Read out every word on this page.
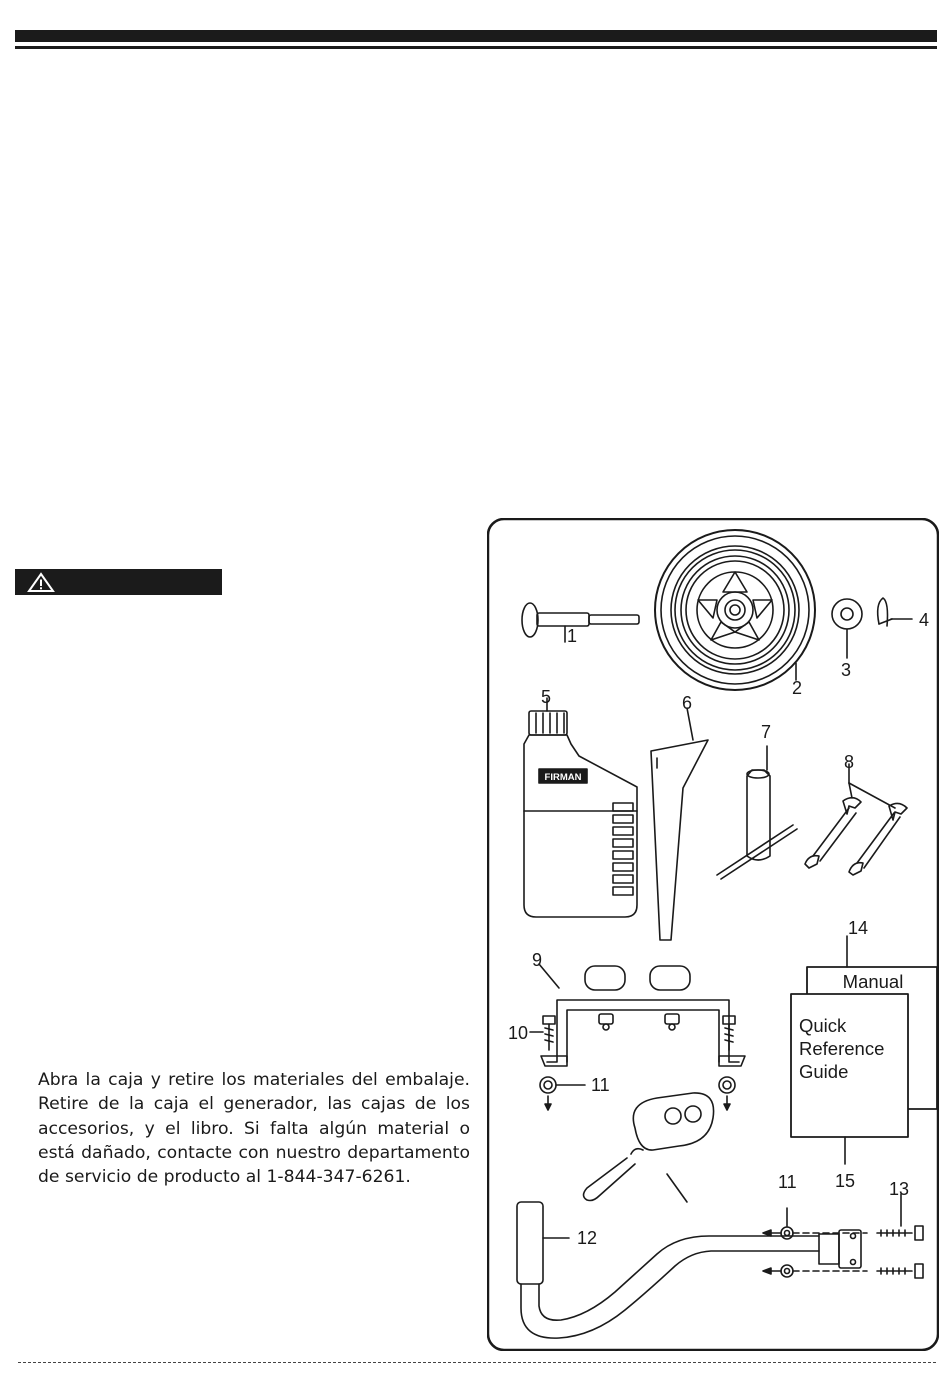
Abra la caja y retire los materiales del embalaje. Retire de la caja el generador, las cajas de los accesorios, y el libro. Si falta algún material o está dañado, contacte con nuestro departamento de servicio de producto al 1-844-347-6261.
FIRMAN
Manual
Quick
Reference
Guide
1
2
3
4
5	6
7
8
9
10
11
11
12
13
14
15
